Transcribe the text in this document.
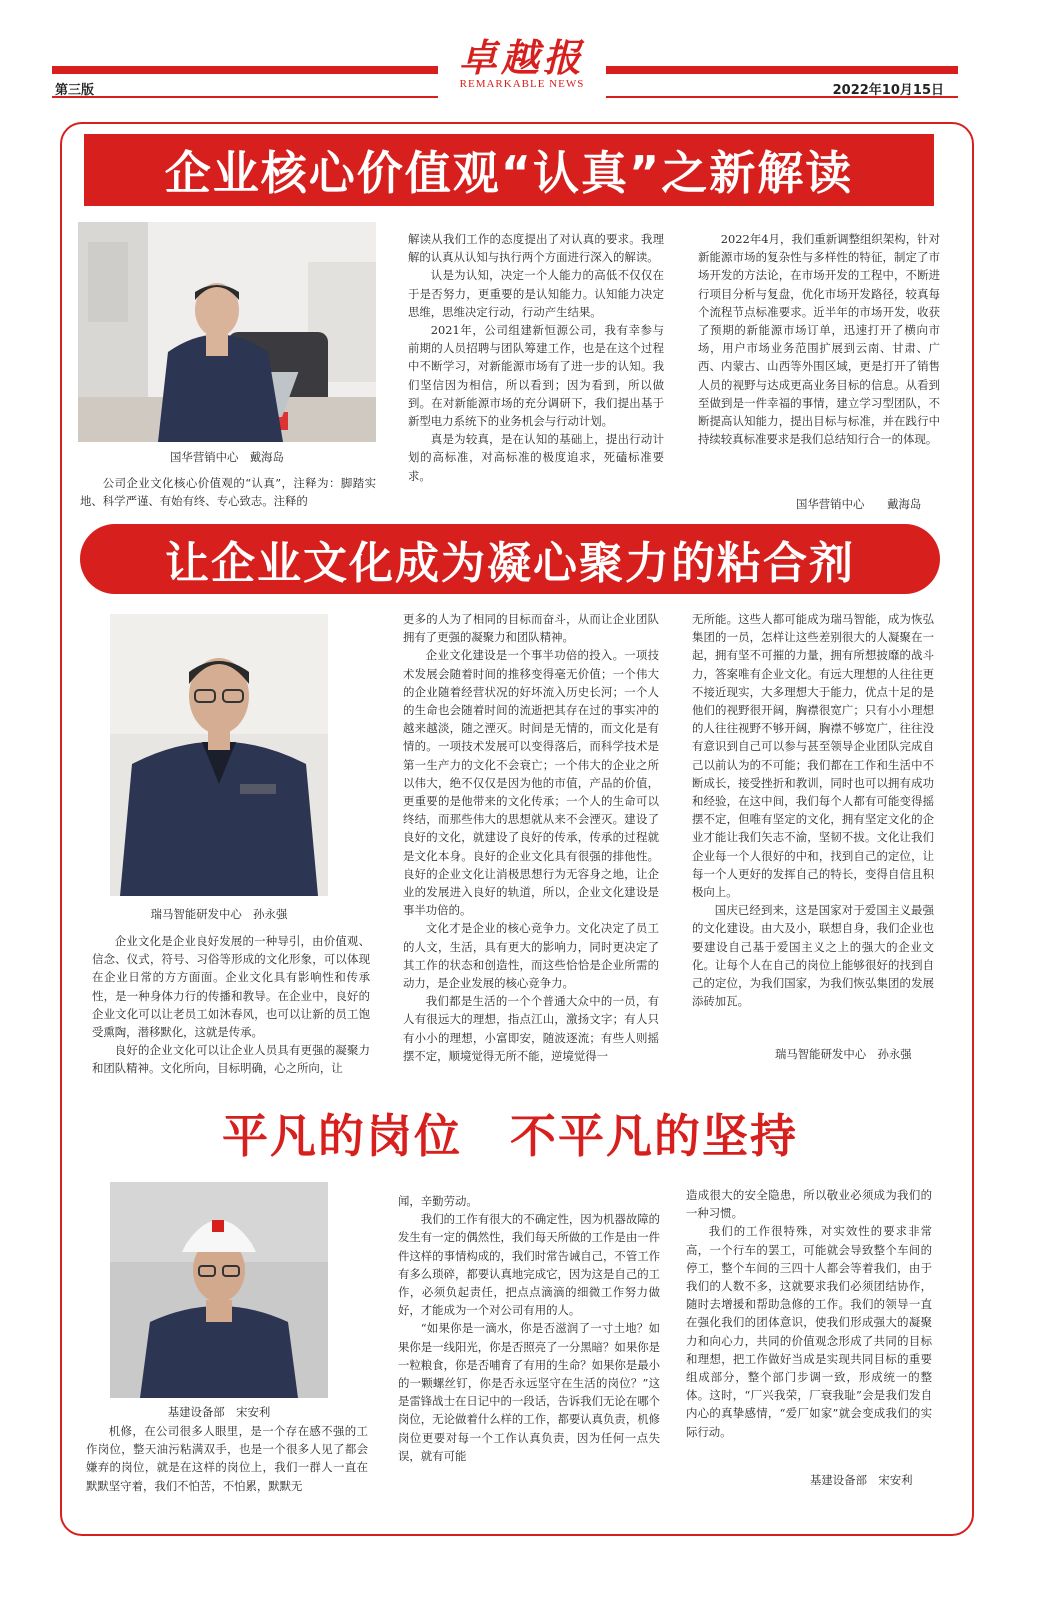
第三版	2022年10月15日
卓越报
REMARKABLE NEWS
企业核心价值观“认真”之新解读
国华营销中心　戴海岛

公司企业文化核心价值观的“认真”，注释为：脚踏实地、科学严谨、有始有终、专心致志。注释的

解读从我们工作的态度提出了对认真的要求。我理解的认真从认知与执行两个方面进行深入的解读。

认是为认知，决定一个人能力的高低不仅仅在于是否努力，更重要的是认知能力。认知能力决定思维，思维决定行动，行动产生结果。

2021年，公司组建新恒源公司，我有幸参与前期的人员招聘与团队筹建工作，也是在这个过程中不断学习，对新能源市场有了进一步的认知。我们坚信因为相信，所以看到；因为看到，所以做到。在对新能源市场的充分调研下，我们提出基于新型电力系统下的业务机会与行动计划。

真是为较真，是在认知的基础上，提出行动计划的高标准，对高标准的极度追求，死磕标准要求。

2022年4月，我们重新调整组织架构，针对新能源市场的复杂性与多样性的特征，制定了市场开发的方法论，在市场开发的工程中，不断进行项目分析与复盘，优化市场开发路径，较真每个流程节点标准要求。近半年的市场开发，收获了预期的新能源市场订单，迅速打开了横向市场，用户市场业务范围扩展到云南、甘肃、广西、内蒙古、山西等外围区域，更是打开了销售人员的视野与达成更高业务目标的信息。从看到至做到是一件幸福的事情，建立学习型团队，不断提高认知能力，提出目标与标准，并在践行中持续较真标准要求是我们总结知行合一的体现。

国华营销中心　　戴海岛
让企业文化成为凝心聚力的粘合剂
瑞马智能研发中心　孙永强

企业文化是企业良好发展的一种导引，由价值观、信念、仪式，符号、习俗等形成的文化形象，可以体现在企业日常的方方面面。企业文化具有影响性和传承性，是一种身体力行的传播和教导。在企业中，良好的企业文化可以让老员工如沐春风，也可以让新的员工饱受熏陶，潜移默化，这就是传承。

良好的企业文化可以让企业人员具有更强的凝聚力和团队精神。文化所向，目标明确，心之所向，让

更多的人为了相同的目标而奋斗，从而让企业团队拥有了更强的凝聚力和团队精神。

企业文化建设是一个事半功倍的投入。一项技术发展会随着时间的推移变得毫无价值；一个伟大的企业随着经营状况的好坏流入历史长河；一个人的生命也会随着时间的流逝把其存在过的事实冲的越来越淡，随之湮灭。时间是无情的，而文化是有情的。一项技术发展可以变得落后，而科学技术是第一生产力的文化不会衰亡；一个伟大的企业之所以伟大，绝不仅仅是因为他的市值，产品的价值，更重要的是他带来的文化传承；一个人的生命可以终结，而那些伟大的思想就从来不会湮灭。建设了良好的文化，就建设了良好的传承，传承的过程就是文化本身。良好的企业文化具有很强的排他性。良好的企业文化让消极思想行为无容身之地，让企业的发展进入良好的轨道，所以，企业文化建设是事半功倍的。

文化才是企业的核心竞争力。文化决定了员工的人文，生活，具有更大的影响力，同时更决定了其工作的状态和创造性，而这些恰恰是企业所需的动力，是企业发展的核心竞争力。

我们都是生活的一个个普通大众中的一员，有人有很远大的理想，指点江山，激扬文字；有人只有小小的理想，小富即安，随波逐流；有些人则摇摆不定，顺境觉得无所不能，逆境觉得一

无所能。这些人都可能成为瑞马智能，成为恢弘集团的一员，怎样让这些差别很大的人凝聚在一起，拥有坚不可摧的力量，拥有所想披靡的战斗力，答案唯有企业文化。有远大理想的人往往更不接近现实，大多理想大于能力，优点十足的是他们的视野很开阔，胸襟很宽广；只有小小理想的人往往视野不够开阔，胸襟不够宽广，往往没有意识到自己可以参与甚至领导企业团队完成自己以前认为的不可能；我们都在工作和生活中不断成长，接受挫折和教训，同时也可以拥有成功和经验，在这中间，我们每个人都有可能变得摇摆不定，但唯有坚定的文化，拥有坚定文化的企业才能让我们矢志不渝，坚韧不拔。文化让我们企业每一个人很好的中和，找到自己的定位，让每一个人更好的发挥自己的特长，变得自信且积极向上。

国庆已经到来，这是国家对于爱国主义最强的文化建设。由大及小，联想自身，我们企业也要建设自己基于爱国主义之上的强大的企业文化。让每个人在自己的岗位上能够很好的找到自己的定位，为我们国家，为我们恢弘集团的发展添砖加瓦。

瑞马智能研发中心　孙永强
平凡的岗位　不平凡的坚持
基建设备部　宋安利

机修，在公司很多人眼里，是一个存在感不强的工作岗位，整天油污粘满双手，也是一个很多人见了都会嫌弃的岗位，就是在这样的岗位上，我们一群人一直在默默坚守着，我们不怕苦，不怕累，默默无

闻，辛勤劳动。

我们的工作有很大的不确定性，因为机器故障的发生有一定的偶然性，我们每天所做的工作是由一件件这样的事情构成的，我们时常告诫自己，不管工作有多么琐碎，都要认真地完成它，因为这是自己的工作，必须负起责任，把点点滴滴的细微工作努力做好，才能成为一个对公司有用的人。

“如果你是一滴水，你是否滋润了一寸土地？如果你是一线阳光，你是否照亮了一分黑暗？如果你是一粒粮食，你是否哺育了有用的生命？如果你是最小的一颗螺丝钉，你是否永远坚守在生活的岗位？”这是雷锋战士在日记中的一段话，告诉我们无论在哪个岗位，无论做着什么样的工作，都要认真负责，机修岗位更要对每一个工作认真负责，因为任何一点失误，就有可能

造成很大的安全隐患，所以敬业必须成为我们的一种习惯。

我们的工作很特殊，对实效性的要求非常高，一个行车的罢工，可能就会导致整个车间的停工，整个车间的三四十人都会等着我们，由于我们的人数不多，这就要求我们必须团结协作，随时去增援和帮助急修的工作。我们的领导一直在强化我们的团体意识，使我们形成强大的凝聚力和向心力，共同的价值观念形成了共同的目标和理想，把工作做好当成是实现共同目标的重要组成部分，整个部门步调一致，形成统一的整体。这时，“厂兴我荣，厂衰我耻”会是我们发自内心的真挚感情，“爱厂如家”就会变成我们的实际行动。

基建设备部　宋安利
